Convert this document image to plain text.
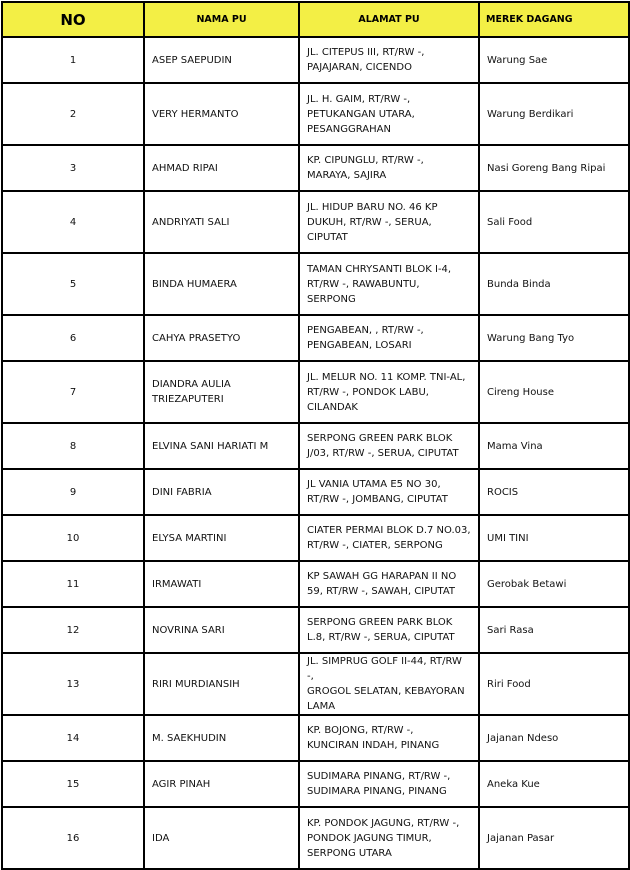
NO	NAMA PU	ALAMAT PU	MEREK DAGANG

1	ASEP SAEPUDIN	JL. CITEPUS III, RT/RW -,
PAJAJARAN, CICENDO	Warung Sae

2	VERY HERMANTO	JL. H. GAIM, RT/RW -,
PETUKANGAN UTARA,
PESANGGRAHAN	Warung Berdikari

3	AHMAD RIPAI	KP. CIPUNGLU, RT/RW -,
MARAYA, SAJIRA	Nasi Goreng Bang Ripai

4	ANDRIYATI SALI	JL. HIDUP BARU NO. 46 KP
DUKUH, RT/RW -, SERUA,
CIPUTAT	Sali Food

5	BINDA HUMAERA	TAMAN CHRYSANTI BLOK I-4,
RT/RW -, RAWABUNTU,
SERPONG	Bunda Binda

6	CAHYA PRASETYO	PENGABEAN, , RT/RW -,
PENGABEAN, LOSARI	Warung Bang Tyo

7	DIANDRA AULIA
TRIEZAPUTERI	JL. MELUR NO. 11 KOMP. TNI-AL,
RT/RW -, PONDOK LABU,
CILANDAK	Cireng House

8	ELVINA SANI HARIATI M	SERPONG GREEN PARK BLOK
J/03, RT/RW -, SERUA, CIPUTAT	Mama Vina

9	DINI FABRIA	JL VANIA UTAMA E5 NO 30,
RT/RW -, JOMBANG, CIPUTAT	ROCIS

10	ELYSA MARTINI	CIATER PERMAI BLOK D.7 NO.03,
RT/RW -, CIATER, SERPONG	UMI TINI

11	IRMAWATI	KP SAWAH GG HARAPAN II NO
59, RT/RW -, SAWAH, CIPUTAT	Gerobak Betawi

12	NOVRINA SARI	SERPONG GREEN PARK BLOK
L.8, RT/RW -, SERUA, CIPUTAT	Sari Rasa

13	RIRI MURDIANSIH	JL. SIMPRUG GOLF II-44, RT/RW -,
GROGOL SELATAN, KEBAYORAN
LAMA	Riri Food

14	M. SAEKHUDIN	KP. BOJONG, RT/RW -,
KUNCIRAN INDAH, PINANG	Jajanan Ndeso

15	AGIR PINAH	SUDIMARA PINANG, RT/RW -,
SUDIMARA PINANG, PINANG	Aneka Kue

16	IDA	KP. PONDOK JAGUNG, RT/RW -,
PONDOK JAGUNG TIMUR,
SERPONG UTARA	Jajanan Pasar
